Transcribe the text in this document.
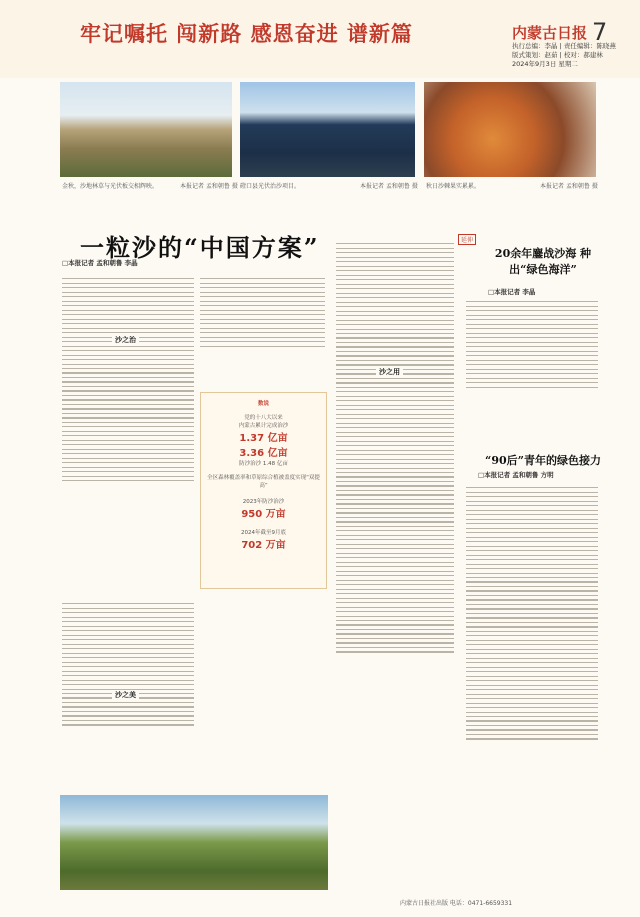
牢记嘱托 闯新路 感恩奋进 谱新篇	内蒙古日报 7
执行总编：李晶 | 责任编辑：陈晓燕
版式策划：赵茹 | 校对：郝建林
2024年9月3日 星期二
金秋，沙地林草与光伏板交相辉映。	本报记者 孟和朝鲁 摄 磴口县光伏治沙项目。	本报记者 孟和朝鲁 摄 秋日沙棘果实累累。	本报记者 孟和朝鲁 摄
一粒沙的“中国方案”
□本报记者 孟和朝鲁 李晶
沙之治
数说
党的十八大以来
内蒙古累计完成治沙
1.37 亿亩
3.36 亿亩
防沙治沙 1.48 亿亩
全区森林覆盖率和草原综合植被盖度实现“双提高”
2023年防沙治沙
950 万亩
2024年截至9月底
702 万亩
沙之美
沙之用
延伸
20余年鏖战沙海 种出“绿色海洋”
□本报记者 李晶
“90后”青年的绿色接力
□本报记者 孟和朝鲁 方明
内蒙古日报社出版 电话：0471-6659331
